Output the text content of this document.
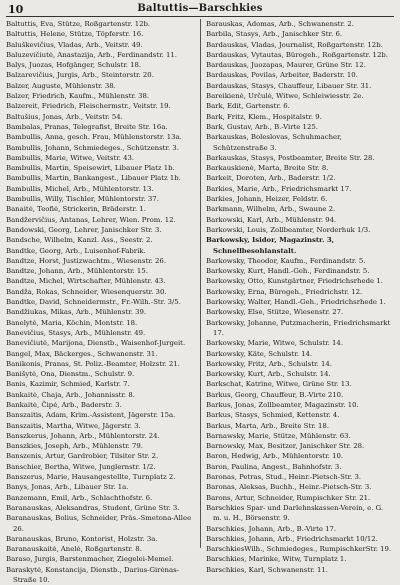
10	Baltuttis—Barschkies
Baltuttis, Eva, Stütze, Roßgartenstr. 12b.
Baltuttis, Helene, Stütze, Töpferstr. 16.
Baluškevičius, Vladas, Arb., Veitstr. 49.
Baluzevičiutė, Anastazija, Arb., Ferdinandstr. 11.
Balys, Juozas, Hofgänger, Schulstr. 18.
Balzarevičius, Jurgis, Arb., Steintorstr. 20.
Balzer, Auguste, Mühlenstr. 38.
Balzer, Friedrich, Kaufm., Mühlenstr. 38.
Balzereit, Friedrich, Fleischermstr., Veitstr. 19.
Baltušius, Jonas, Arb., Veitstr. 54.
Bambalas, Pranas, Telegrafist, Breite Str. 16a.
Bambullis, Anna, gesch. Frau, Mühlenstorstr. 13a.
Bambullis, Johann, Schmiedeges., Schützenstr. 3.
Bambullis, Marie, Witwe, Veitstr. 43.
Bambullis, Martin, Speisewirt, Libauer Platz 1b.
Bambullis, Martin, Bankangest., Libauer Platz 1b.
Bambullis, Michel, Arb., Mühlentorstr. 13.
Bambullis, Willy, Tischler, Mühlentorstr. 37.
Banaitė, Teofiė, Strickerin, Bräderstr. 1.
Bandžervičius, Antanas, Lehrer, Wien. Prom. 12.
Bandowski, Georg, Lehrer, Janischker Str. 3.
Bandsche, Wilhelm, Kanzl. Ass., Seestr. 2.
Bandtke, Georg, Arb., Luisenhof-Fabrik.
Bandtze, Horst, Justizwachtm., Wiesenstr. 26.
Bandtze, Johann, Arb., Mühlentorstr. 15.
Bandtze, Michel, Wirtschafter, Mühlenstr. 43.
Bandža, Rokas, Schneider, Wiesenquerstr. 30.
Bandtke, David, Schneidermstr., Fr.-Wilh.-Str. 3/5.
Bandžiukas, Mikas, Arb., Mühlenstr. 39.
Banelytė, Maria, Köchin, Montstr. 18.
Banevičius, Stasys, Arb., Mühlenstr. 49.
Banevičiutė, Marijona, Dienstb., Waisenhof-Jurgeit.
Bangel, Max, Bäckerges., Schwanenstr. 31.
Banikonis, Pranas, St. Poliz.-Beamter, Holzstr. 21.
Banišytė, Ona, Dienstm., Schulstr. 9.
Banis, Kazimir, Schmied, Karlstr. 7.
Bankaitė, Chaja, Arb., Johannisstr. 8.
Bankaitė, Čipė, Arb., Baderstr. 3.
Banszaitis, Adam, Krim.-Assistent, Jägerstr. 15a.
Banszaitis, Martha, Witwe, Jägerstr. 3.
Banszkerus, Johann, Arb., Mühlentorstr. 24.
Banszkies, Joseph, Arb., Mühlenstr. 79.
Banszenis, Artur, Gardrobier, Tilsiter Str. 2.
Banschier, Bertha, Witwe, Junglernstr. 1/2.
Banszerus, Marie, Hausangestellte, Turnplatz 2.
Banys, Jonas, Arb., Libauer Str. 1a.
Banzemann, Emil, Arb., Schlachthofstr. 6.
Baranauskas, Aleksandras, Student, Grüne Str. 3.
Baranauskas, Bolius, Schneider, Präs.-Smetona-Allee 26.
Baranauskas, Bruno, Kontorist, Holzstr. 3a.
Baranauskaitė, Anelė, Roßgartenstr. 8.
Baraso, Jurgis, Barstenmacher, Ziegelei-Memel.
Baraskytė, Konstancija, Dienstb., Darius-Girėnas-Straße 10.
Barauskas, Adomas, Arb., Schwanenstr. 2.
Barbila, Stasys, Arb., Janischker Str. 6.
Bardauskas, Vladas, Journalist, Roßgartenstr. 12b.
Bardauskas, Vytautas, Bürogeh., Roßgartenstr. 12b.
Bardauskas, Juozapas, Maurer, Grüne Str. 12.
Bardauskas, Povilas, Arbeiter, Baderstr. 10.
Bardauskas, Stasys, Chauffeur, Libauer Str. 31.
Bareikienė, Určulė, Witwe, Schleiwiesstr. 2e.
Bark, Edit, Gartenstr. 6.
Bark, Fritz, Klem., Hospitalstr. 9.
Bark, Gustav, Arb., B.-Virte 125.
Barkauskas, Boleslovas, Schuhmacher, Schützenstraße 3.
Barkauskas, Stasys, Postbeamter, Breite Str. 28.
Barkauskienė, Marta, Breite Str. 8.
Barkeit, Doroten, Arb., Baderstr. 1/2.
Barkies, Marie, Arb., Friedrichsmarkt 17.
Barkies, Johann, Heizer, Feldstr. 6.
Barkmann, Wilhelm, Arb., Swaune 2.
Barkowski, Karl, Arb., Mühlenstr. 94.
Barkowski, Louis, Zollbeamter, Norderhuk 1/3.
Barkowsky, Isidor, Magazinstr. 3, Schnellbesohlanstalt.
Barkowsky, Theodor, Kaufm., Ferdinandstr. 5.
Barkowsky, Kurt, Handl.-Geh., Ferdinandstr. 5.
Barkowsky, Otto, Kunstgärtner, Friedrichsrhede 1.
Barkowsky, Erna, Bürogeh., Friedrichstr. 12.
Barkowsky, Walter, Handl.-Geh., Friedrichsrhede 1.
Barkowsky, Else, Stütze, Wiesenstr. 27.
Barkowsky, Johanne, Putzmacherin, Friedrichsmarkt 17.
Barkowsky, Marie, Witwe, Schulstr. 14.
Barkowsky, Käte, Schulstr. 14.
Barkowsky, Fritz, Arb., Schulstr. 14.
Barkowsky, Kurt, Arb., Schulstr. 14.
Barkschat, Katrine, Witwe, Grüne Str. 13.
Barkus, Georg, Chauffeur, B.-Virte 210.
Barkus, Jonas, Zollbeamter, Magazinstr. 10.
Barkus, Stasys, Schmied, Kettenstr. 4.
Barkus, Marta, Arb., Breite Str. 18.
Barnawsky, Marie, Stütze, Mühlenstr. 63.
Barnowsky, Max, Besitzer, Janischker Str. 28.
Baron, Hedwig, Arb., Mühlentorstr. 10.
Baron, Paulina, Angest., Bahnhofstr. 3.
Baronas, Petras, Stud., Heinr.-Pietsch-Str. 3.
Baronas, Aleksas, Buchh., Heinr.-Pietsch-Str. 3.
Barons, Artur, Schneider, Rumpischker Str. 21.
Barschkies Spar- und Darlehnskassen-Verein, e. G. m. u. H., Börsenstr. 9.
Barschkies, Johann, Arb., B.-Virte 17.
Barschkies, Johann, Arb., Friedrichsmarkt 10/12.
BarschkiesWilh., Schmiedeges., RumpischkerStr. 19.
Barschkies, Marinke, Witw, Turnplatz 1.
Barschkies, Karl, Schwanenstr. 11.
